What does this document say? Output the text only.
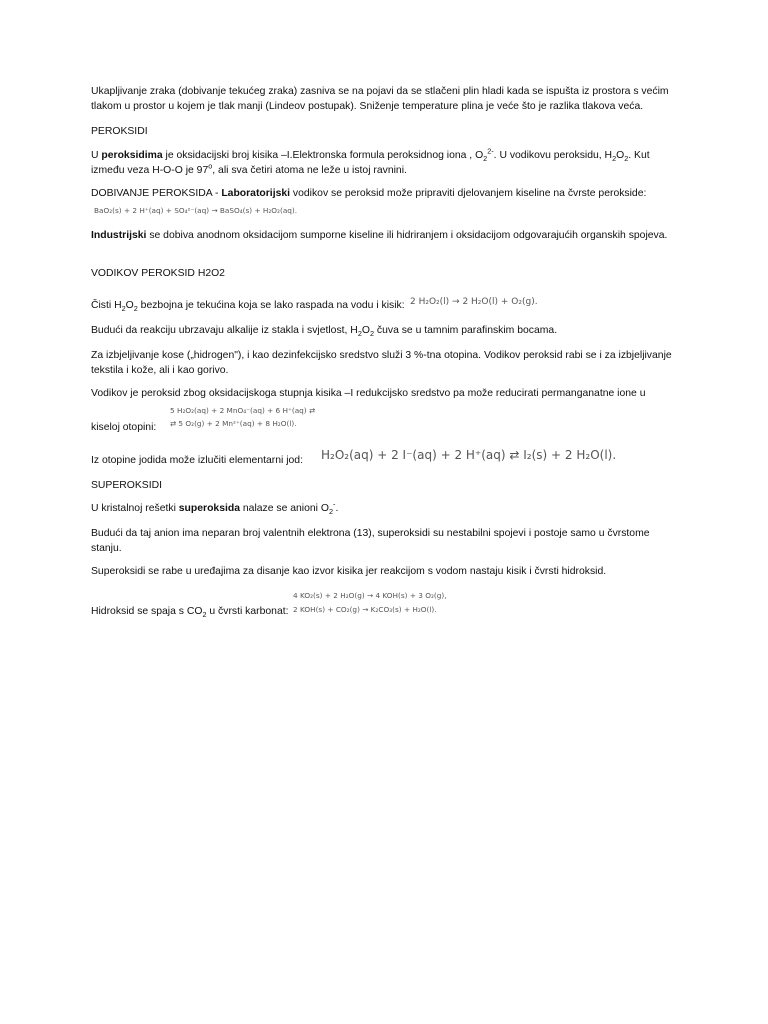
Ukapljivanje zraka (dobivanje tekućeg zraka) zasniva se na pojavi da se stlačeni plin hladi kada se ispušta iz prostora s većim tlakom u prostor u kojem je tlak manji (Lindeov postupak). Sniženje temperature plina je veće što je razlika tlakova veća.

PEROKSIDI

U peroksidima je oksidacijski broj kisika –I.Elektronska formula peroksidnog iona , $O_2^{2-}$. U vodikovu peroksidu, $H_2O_2$. Kut između veza H-O-O je 97$^o$, ali sva četiri atoma ne leže u istoj ravnini.

DOBIVANJE PEROKSIDA - Laboratorijski vodikov se peroksid može pripraviti djelovanjem kiseline na čvrste perokside:

BaO₂(s) + 2 H⁺(aq) + SO₄²⁻(aq) → BaSO₄(s) + H₂O₂(aq).

Industrijski se dobiva anodnom oksidacijom sumporne kiseline ili hidriranjem i oksidacijom odgovarajućih organskih spojeva.

VODIKOV PEROKSID H2O2

Čisti $H_2O_2$ bezbojna je tekućina koja se lako raspada na vodu i kisik: 2 H₂O₂(l) → 2 H₂O(l) + O₂(g).

Budući da reakciju ubrzavaju alkalije iz stakla i svjetlost, $H_2O_2$ čuva se u tamnim parafinskim bocama.

Za izbjeljivanje kose („hidrogen"), i kao dezinfekcijsko sredstvo služi 3 %-tna otopina. Vodikov peroksid rabi se i za izbjeljivanje tekstila i kože, ali i kao gorivo.

Vodikov je peroksid zbog oksidacijskoga stupnja kisika –I redukcijsko sredstvo pa može reducirati permanganatne ione u

5 H₂O₂(aq) + 2 MnO₄⁻(aq) + 6 H⁺(aq) ⇄
⇄ 5 O₂(g) + 2 Mn²⁺(aq) + 8 H₂O(l).
kiseloj otopini:
Iz otopine jodida može izlučiti elementarni jod: H₂O₂(aq) + 2 I⁻(aq) + 2 H⁺(aq) ⇄ I₂(s) + 2 H₂O(l).
SUPEROKSIDI

U kristalnoj rešetki superoksida nalaze se anioni $O_2^-$.

Budući da taj anion ima neparan broj valentnih elektrona (13), superoksidi su nestabilni spojevi i postoje samo u čvrstome stanju.

Superoksidi se rabe u uređajima za disanje kao izvor kisika jer reakcijom s vodom nastaju kisik i čvrsti hidroksid.

4 KO₂(s) + 2 H₂O(g) → 4 KOH(s) + 3 O₂(g),
2 KOH(s) + CO₂(g) → K₂CO₃(s) + H₂O(l).
Hidroksid se spaja s $CO_2$ u čvrsti karbonat:
